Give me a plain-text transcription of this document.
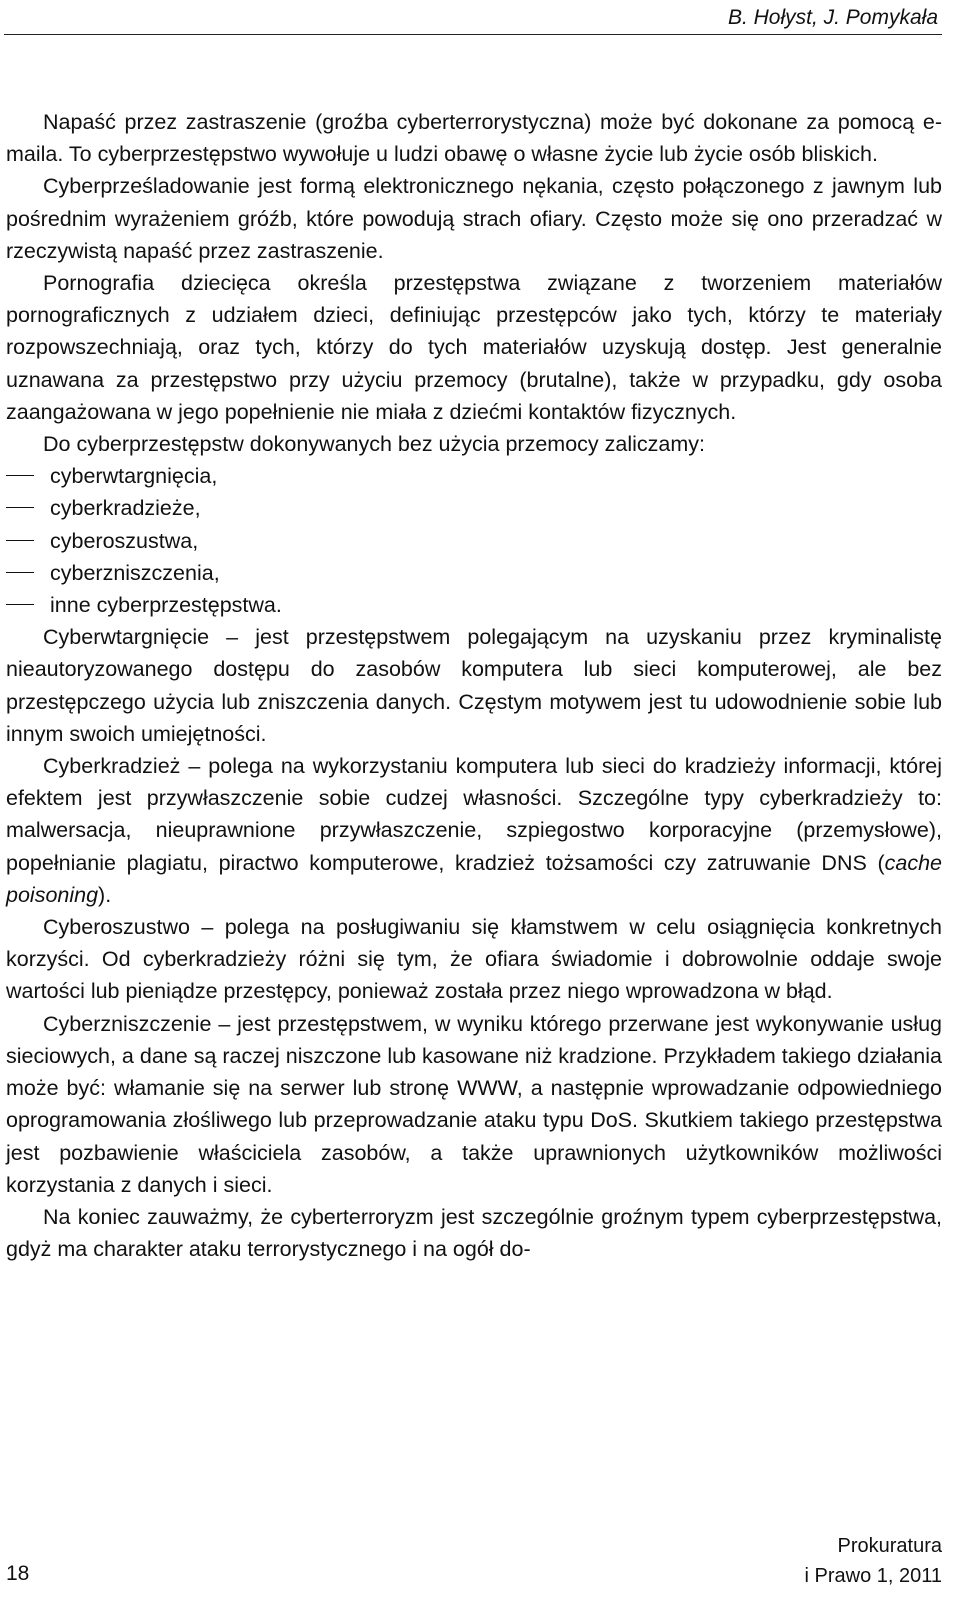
B. Hołyst, J. Pomykała

Napaść przez zastraszenie (groźba cyberterrorystyczna) może być dokonane za pomocą e-maila. To cyberprzestępstwo wywołuje u ludzi obawę o własne życie lub życie osób bliskich.

Cyberprześladowanie jest formą elektronicznego nękania, często połączonego z jawnym lub pośrednim wyrażeniem gróźb, które powodują strach ofiary. Często może się ono przeradzać w rzeczywistą napaść przez zastraszenie.

Pornografia dziecięca określa przestępstwa związane z tworzeniem materiałów pornograficznych z udziałem dzieci, definiując przestępców jako tych, którzy te materiały rozpowszechniają, oraz tych, którzy do tych materiałów uzyskują dostęp. Jest generalnie uznawana za przestępstwo przy użyciu przemocy (brutalne), także w przypadku, gdy osoba zaangażowana w jego popełnienie nie miała z dziećmi kontaktów fizycznych.

Do cyberprzestępstw dokonywanych bez użycia przemocy zaliczamy:

cyberwtargnięcia,
cyberkradzieże,
cyberoszustwa,
cyberzniszczenia,
inne cyberprzestępstwa.

Cyberwtargnięcie – jest przestępstwem polegającym na uzyskaniu przez kryminalistę nieautoryzowanego dostępu do zasobów komputera lub sieci komputerowej, ale bez przestępczego użycia lub zniszczenia danych. Częstym motywem jest tu udowodnienie sobie lub innym swoich umiejętności.

Cyberkradzież – polega na wykorzystaniu komputera lub sieci do kradzieży informacji, której efektem jest przywłaszczenie sobie cudzej własności. Szczególne typy cyberkradzieży to: malwersacja, nieuprawnione przywłaszczenie, szpiegostwo korporacyjne (przemysłowe), popełnianie plagiatu, piractwo komputerowe, kradzież tożsamości czy zatruwanie DNS (cache poisoning).

Cyberoszustwo – polega na posługiwaniu się kłamstwem w celu osiągnięcia konkretnych korzyści. Od cyberkradzieży różni się tym, że ofiara świadomie i dobrowolnie oddaje swoje wartości lub pieniądze przestępcy, ponieważ została przez niego wprowadzona w błąd.

Cyberzniszczenie – jest przestępstwem, w wyniku którego przerwane jest wykonywanie usług sieciowych, a dane są raczej niszczone lub kasowane niż kradzione. Przykładem takiego działania może być: włamanie się na serwer lub stronę WWW, a następnie wprowadzanie odpowiedniego oprogramowania złośliwego lub przeprowadzanie ataku typu DoS. Skutkiem takiego przestępstwa jest pozbawienie właściciela zasobów, a także uprawnionych użytkowników możliwości korzystania z danych i sieci.

Na koniec zauważmy, że cyberterroryzm jest szczególnie groźnym typem cyberprzestępstwa, gdyż ma charakter ataku terrorystycznego i na ogół do-

18
Prokuratura
i Prawo 1, 2011
